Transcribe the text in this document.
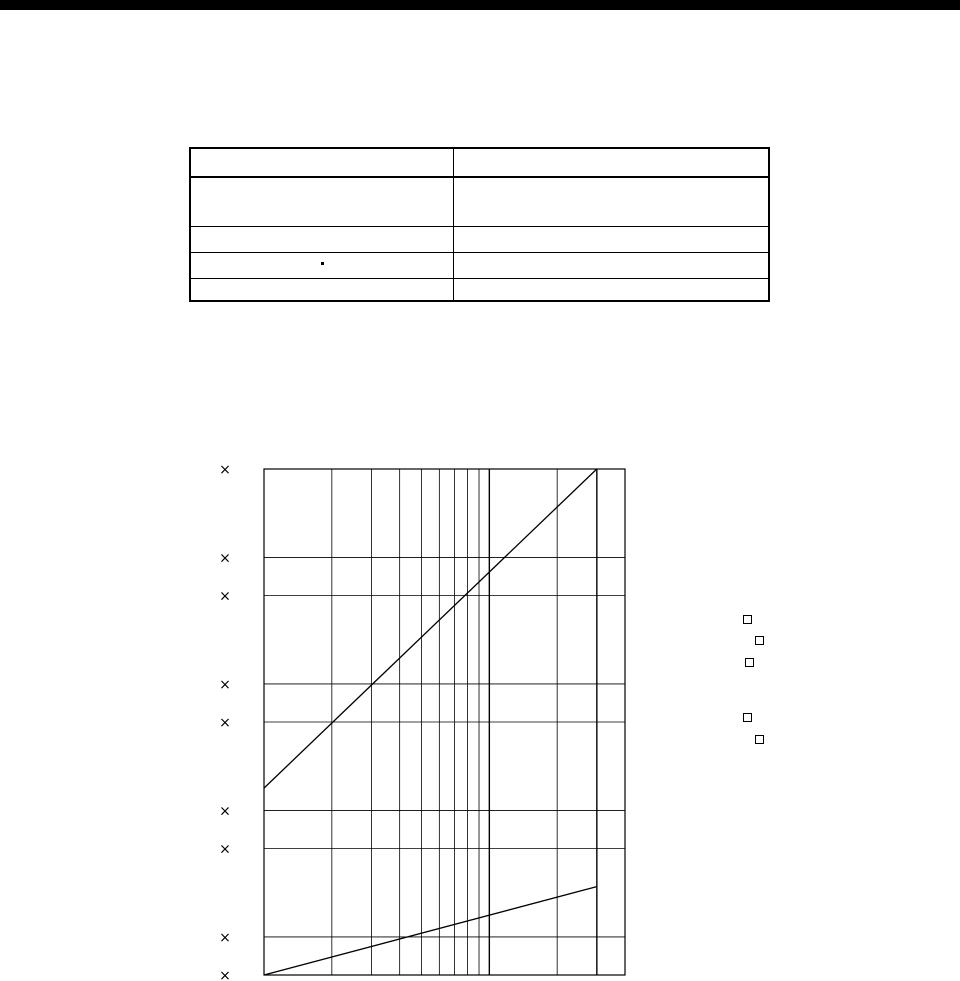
×
×
×
×
×
×
×
×
×
